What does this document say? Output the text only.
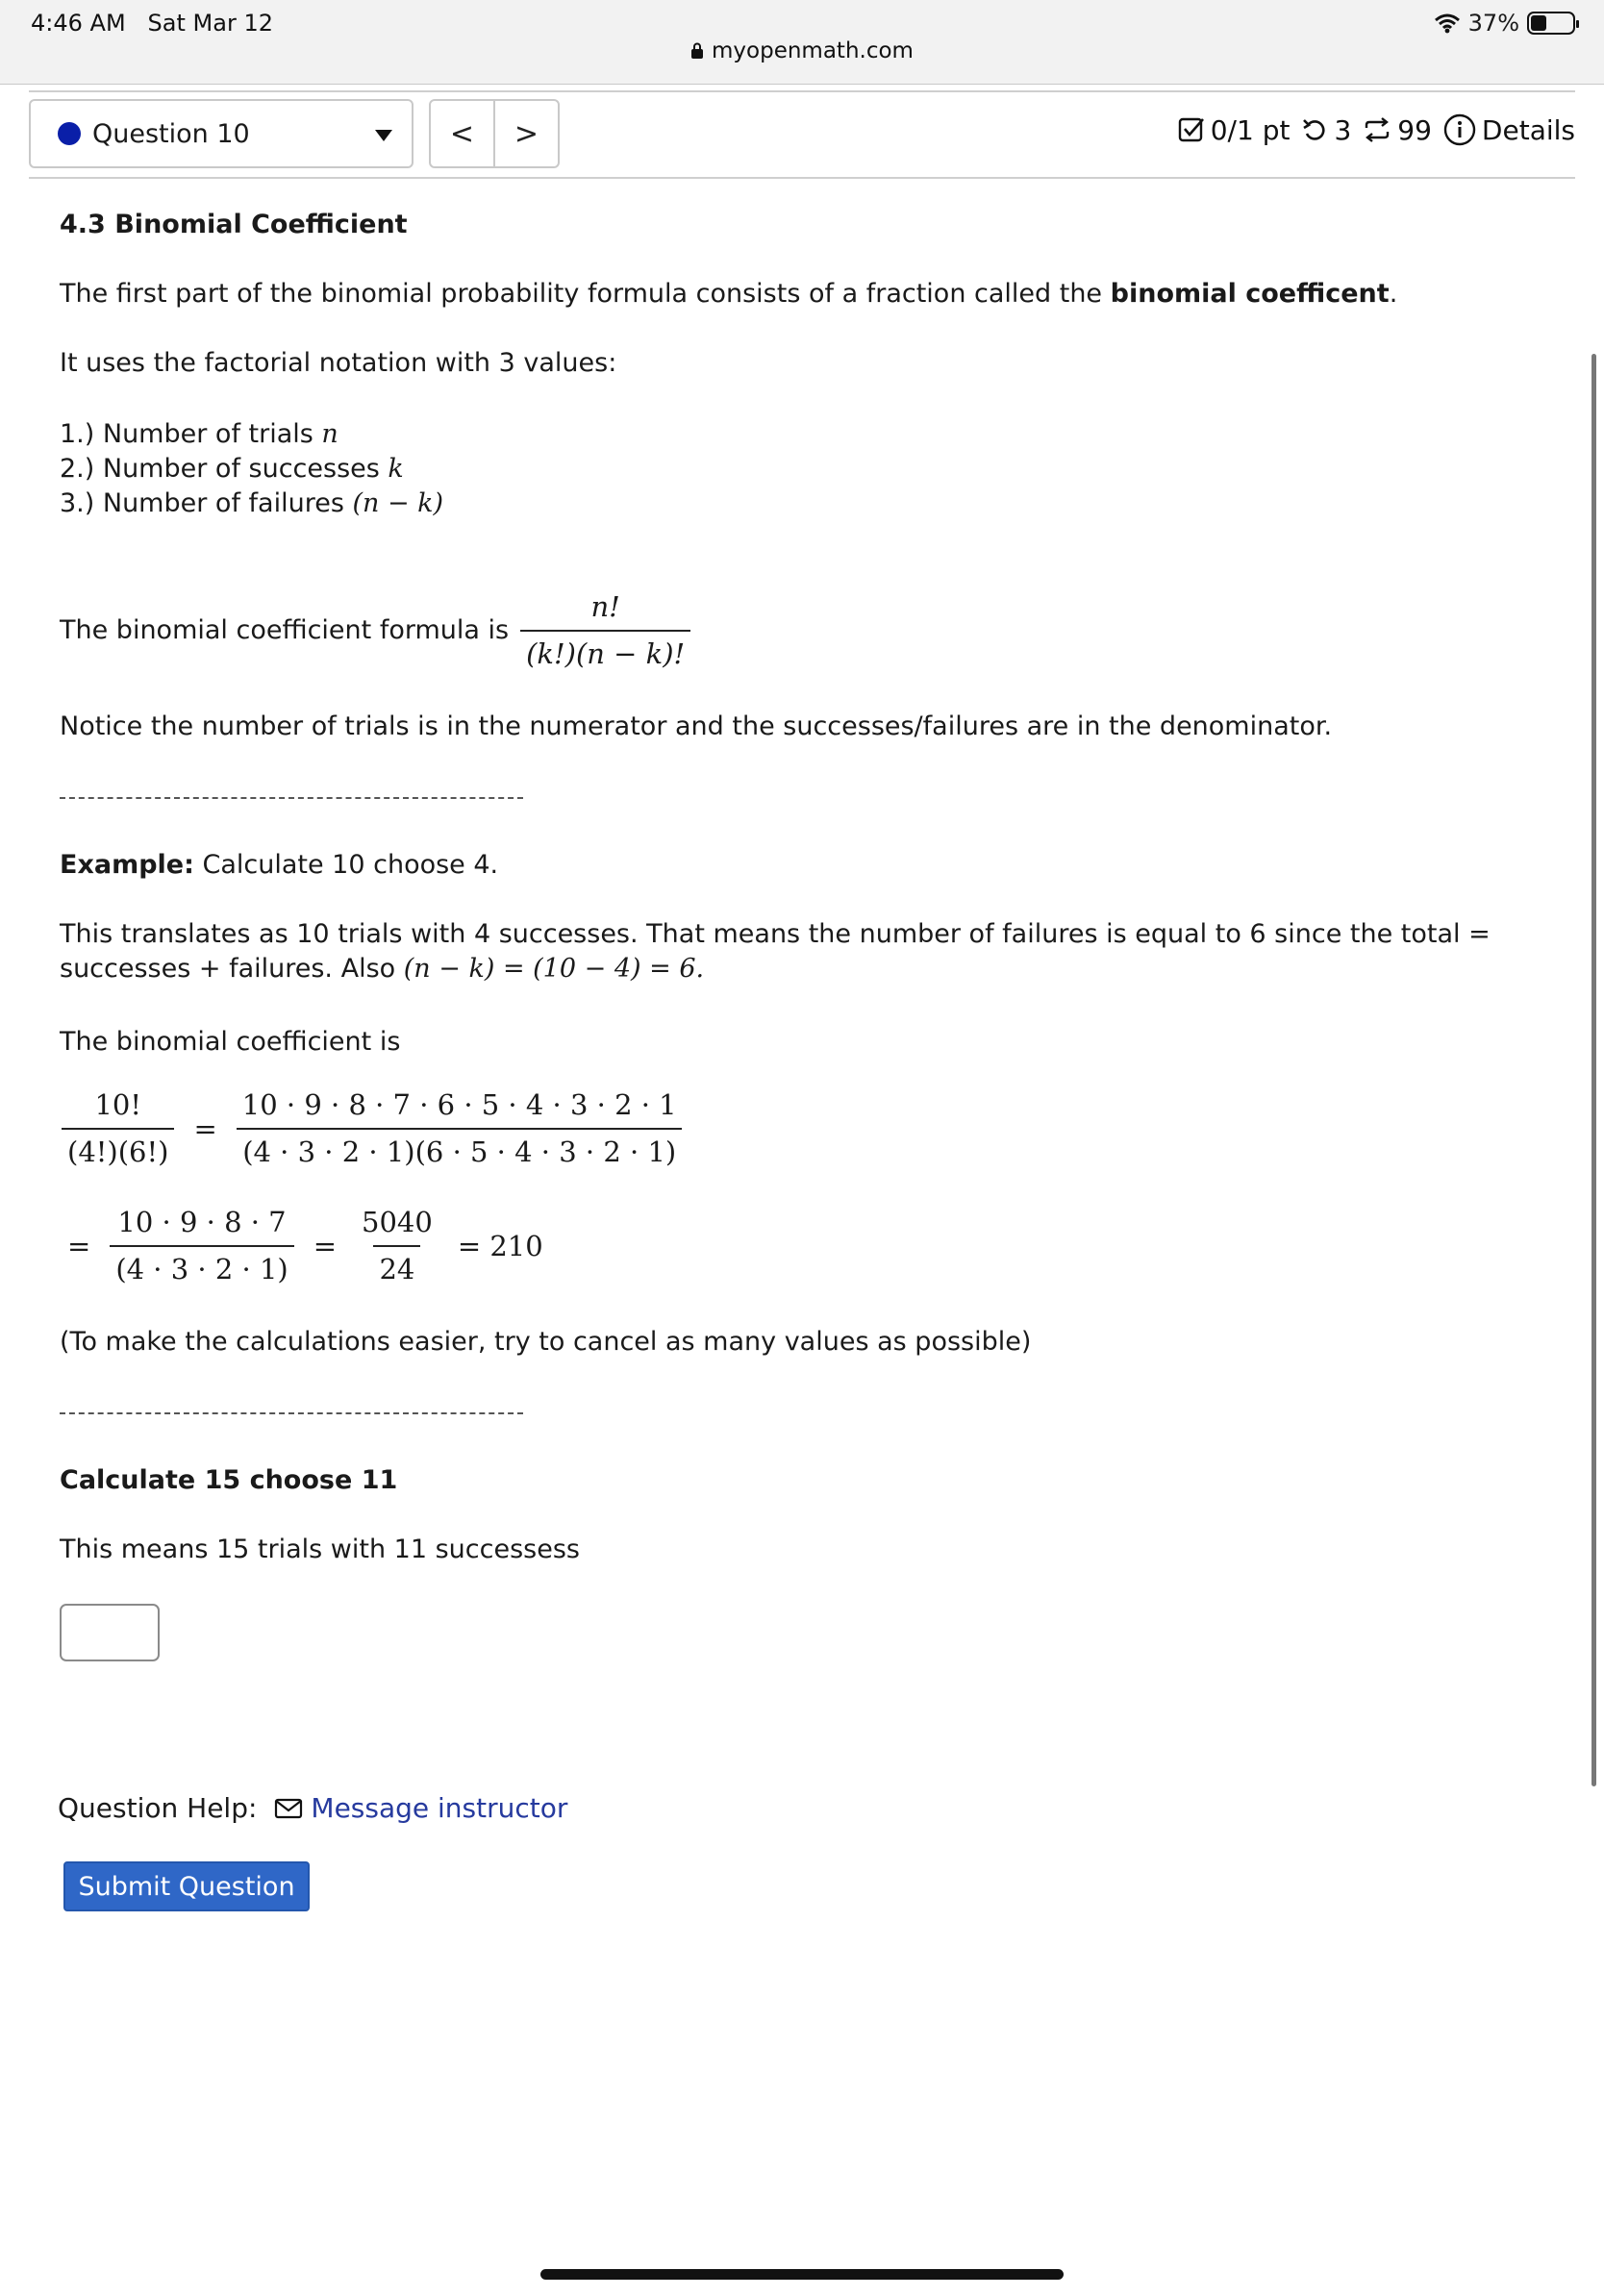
4:46 AM Sat Mar 12	37%
myopenmath.com
Question 10	<	>	0/1 pt 3 99 Details

4.3 Binomial Coefficient

The first part of the binomial probability formula consists of a fraction called the binomial coefficent.

It uses the factorial notation with 3 values:

1.) Number of trials n

2.) Number of successes k

3.) Number of failures (n − k)

The binomial coefficient formula is $\frac{n!}{(k!)(n - k)!}$

Notice the number of trials is in the numerator and the successes/failures are in the denominator.

Example: Calculate 10 choose 4.

This translates as 10 trials with 4 successes. That means the number of failures is equal to 6 since the total =

successes + failures. Also (n − k) = (10 − 4) = 6.

The binomial coefficient is

$\frac{10!}{(4!)(6!)} = \frac{10 \cdot 9 \cdot 8 \cdot 7 \cdot 6 \cdot 5 \cdot 4 \cdot 3 \cdot 2 \cdot 1}{(4 \cdot 3 \cdot 2 \cdot 1)(6 \cdot 5 \cdot 4 \cdot 3 \cdot 2 \cdot 1)}$
= $\frac{10 \cdot 9 \cdot 8 \cdot 7}{(4 \cdot 3 \cdot 2 \cdot 1)} = \frac{5040}{24} = 210$

(To make the calculations easier, try to cancel as many values as possible)

Calculate 15 choose 11

This means 15 trials with 11 successess

Question Help: Message instructor
Submit Question
